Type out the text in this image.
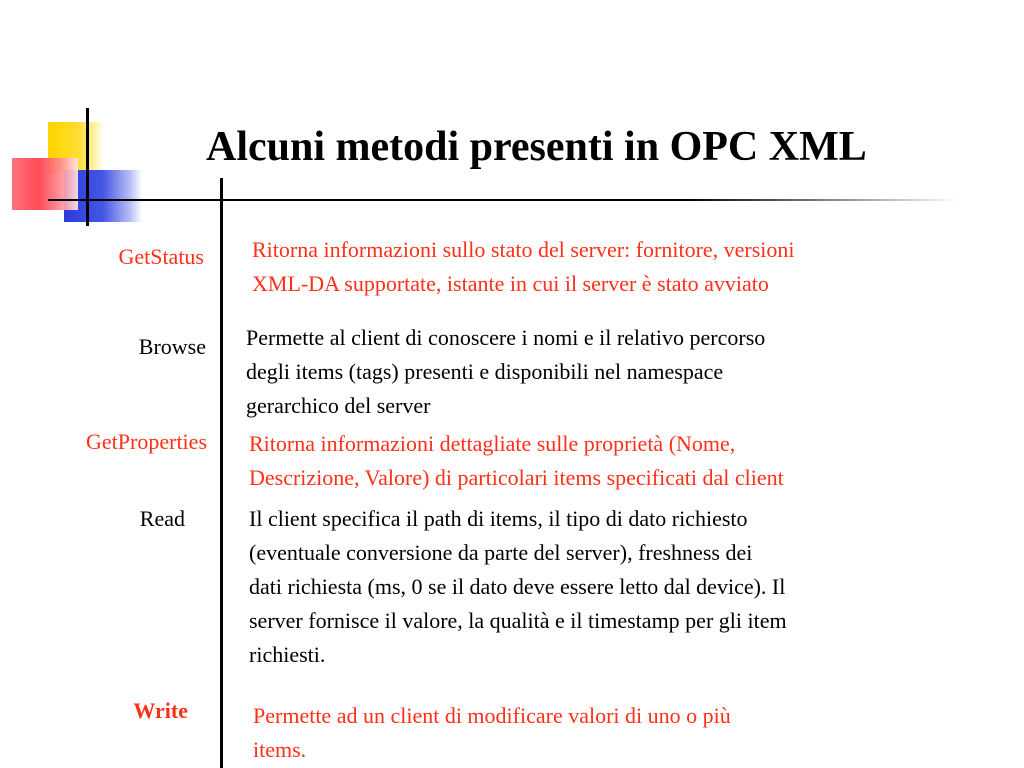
Alcuni metodi presenti in OPC XML
GetStatus Ritorna informazioni sullo stato del server: fornitore, versioni
XML-DA supportate, istante in cui il server è stato avviato
Browse Permette al client di conoscere i nomi e il relativo percorso
degli items (tags) presenti e disponibili nel namespace
gerarchico del server
GetProperties Ritorna informazioni dettagliate sulle proprietà (Nome,
Descrizione, Valore) di particolari items specificati dal client
Read	Il client specifica il path di items, il tipo di dato richiesto
(eventuale conversione da parte del server), freshness dei
dati richiesta (ms, 0 se il dato deve essere letto dal device). Il
server fornisce il valore, la qualità e il timestamp per gli item
richiesti.
Write	Permette ad un client di modificare valori di uno o più
items.
